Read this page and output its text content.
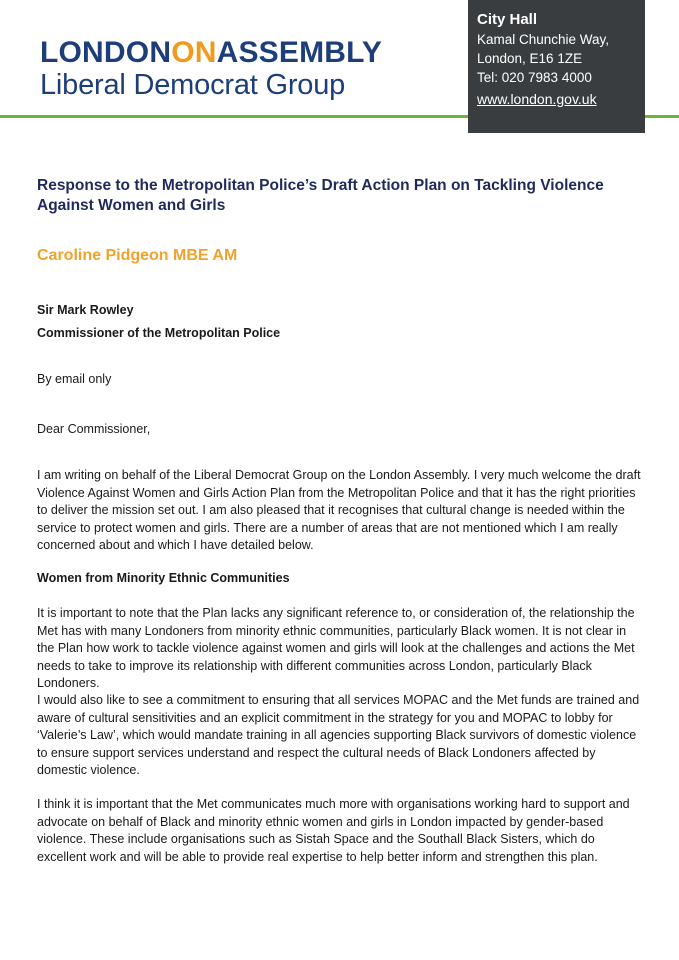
LONDONONASSEMBLY
Liberal Democrat Group
City Hall
Kamal Chunchie Way,
London, E16 1ZE
Tel: 020 7983 4000
www.london.gov.uk
Response to the Metropolitan Police’s Draft Action Plan on Tackling Violence Against Women and Girls
Caroline Pidgeon MBE AM
Sir Mark Rowley
Commissioner of the Metropolitan Police
By email only
Dear Commissioner,
I am writing on behalf of the Liberal Democrat Group on the London Assembly. I very much welcome the draft Violence Against Women and Girls Action Plan from the Metropolitan Police and that it has the right priorities to deliver the mission set out. I am also pleased that it recognises that cultural change is needed within the service to protect women and girls. There are a number of areas that are not mentioned which I am really concerned about and which I have detailed below.
Women from Minority Ethnic Communities
It is important to note that the Plan lacks any significant reference to, or consideration of, the relationship the Met has with many Londoners from minority ethnic communities, particularly Black women. It is not clear in the Plan how work to tackle violence against women and girls will look at the challenges and actions the Met needs to take to improve its relationship with different communities across London, particularly Black Londoners.
I would also like to see a commitment to ensuring that all services MOPAC and the Met funds are trained and aware of cultural sensitivities and an explicit commitment in the strategy for you and MOPAC to lobby for ‘Valerie’s Law’, which would mandate training in all agencies supporting Black survivors of domestic violence to ensure support services understand and respect the cultural needs of Black Londoners affected by domestic violence.
I think it is important that the Met communicates much more with organisations working hard to support and advocate on behalf of Black and minority ethnic women and girls in London impacted by gender-based violence. These include organisations such as Sistah Space and the Southall Black Sisters, which do excellent work and will be able to provide real expertise to help better inform and strengthen this plan.
